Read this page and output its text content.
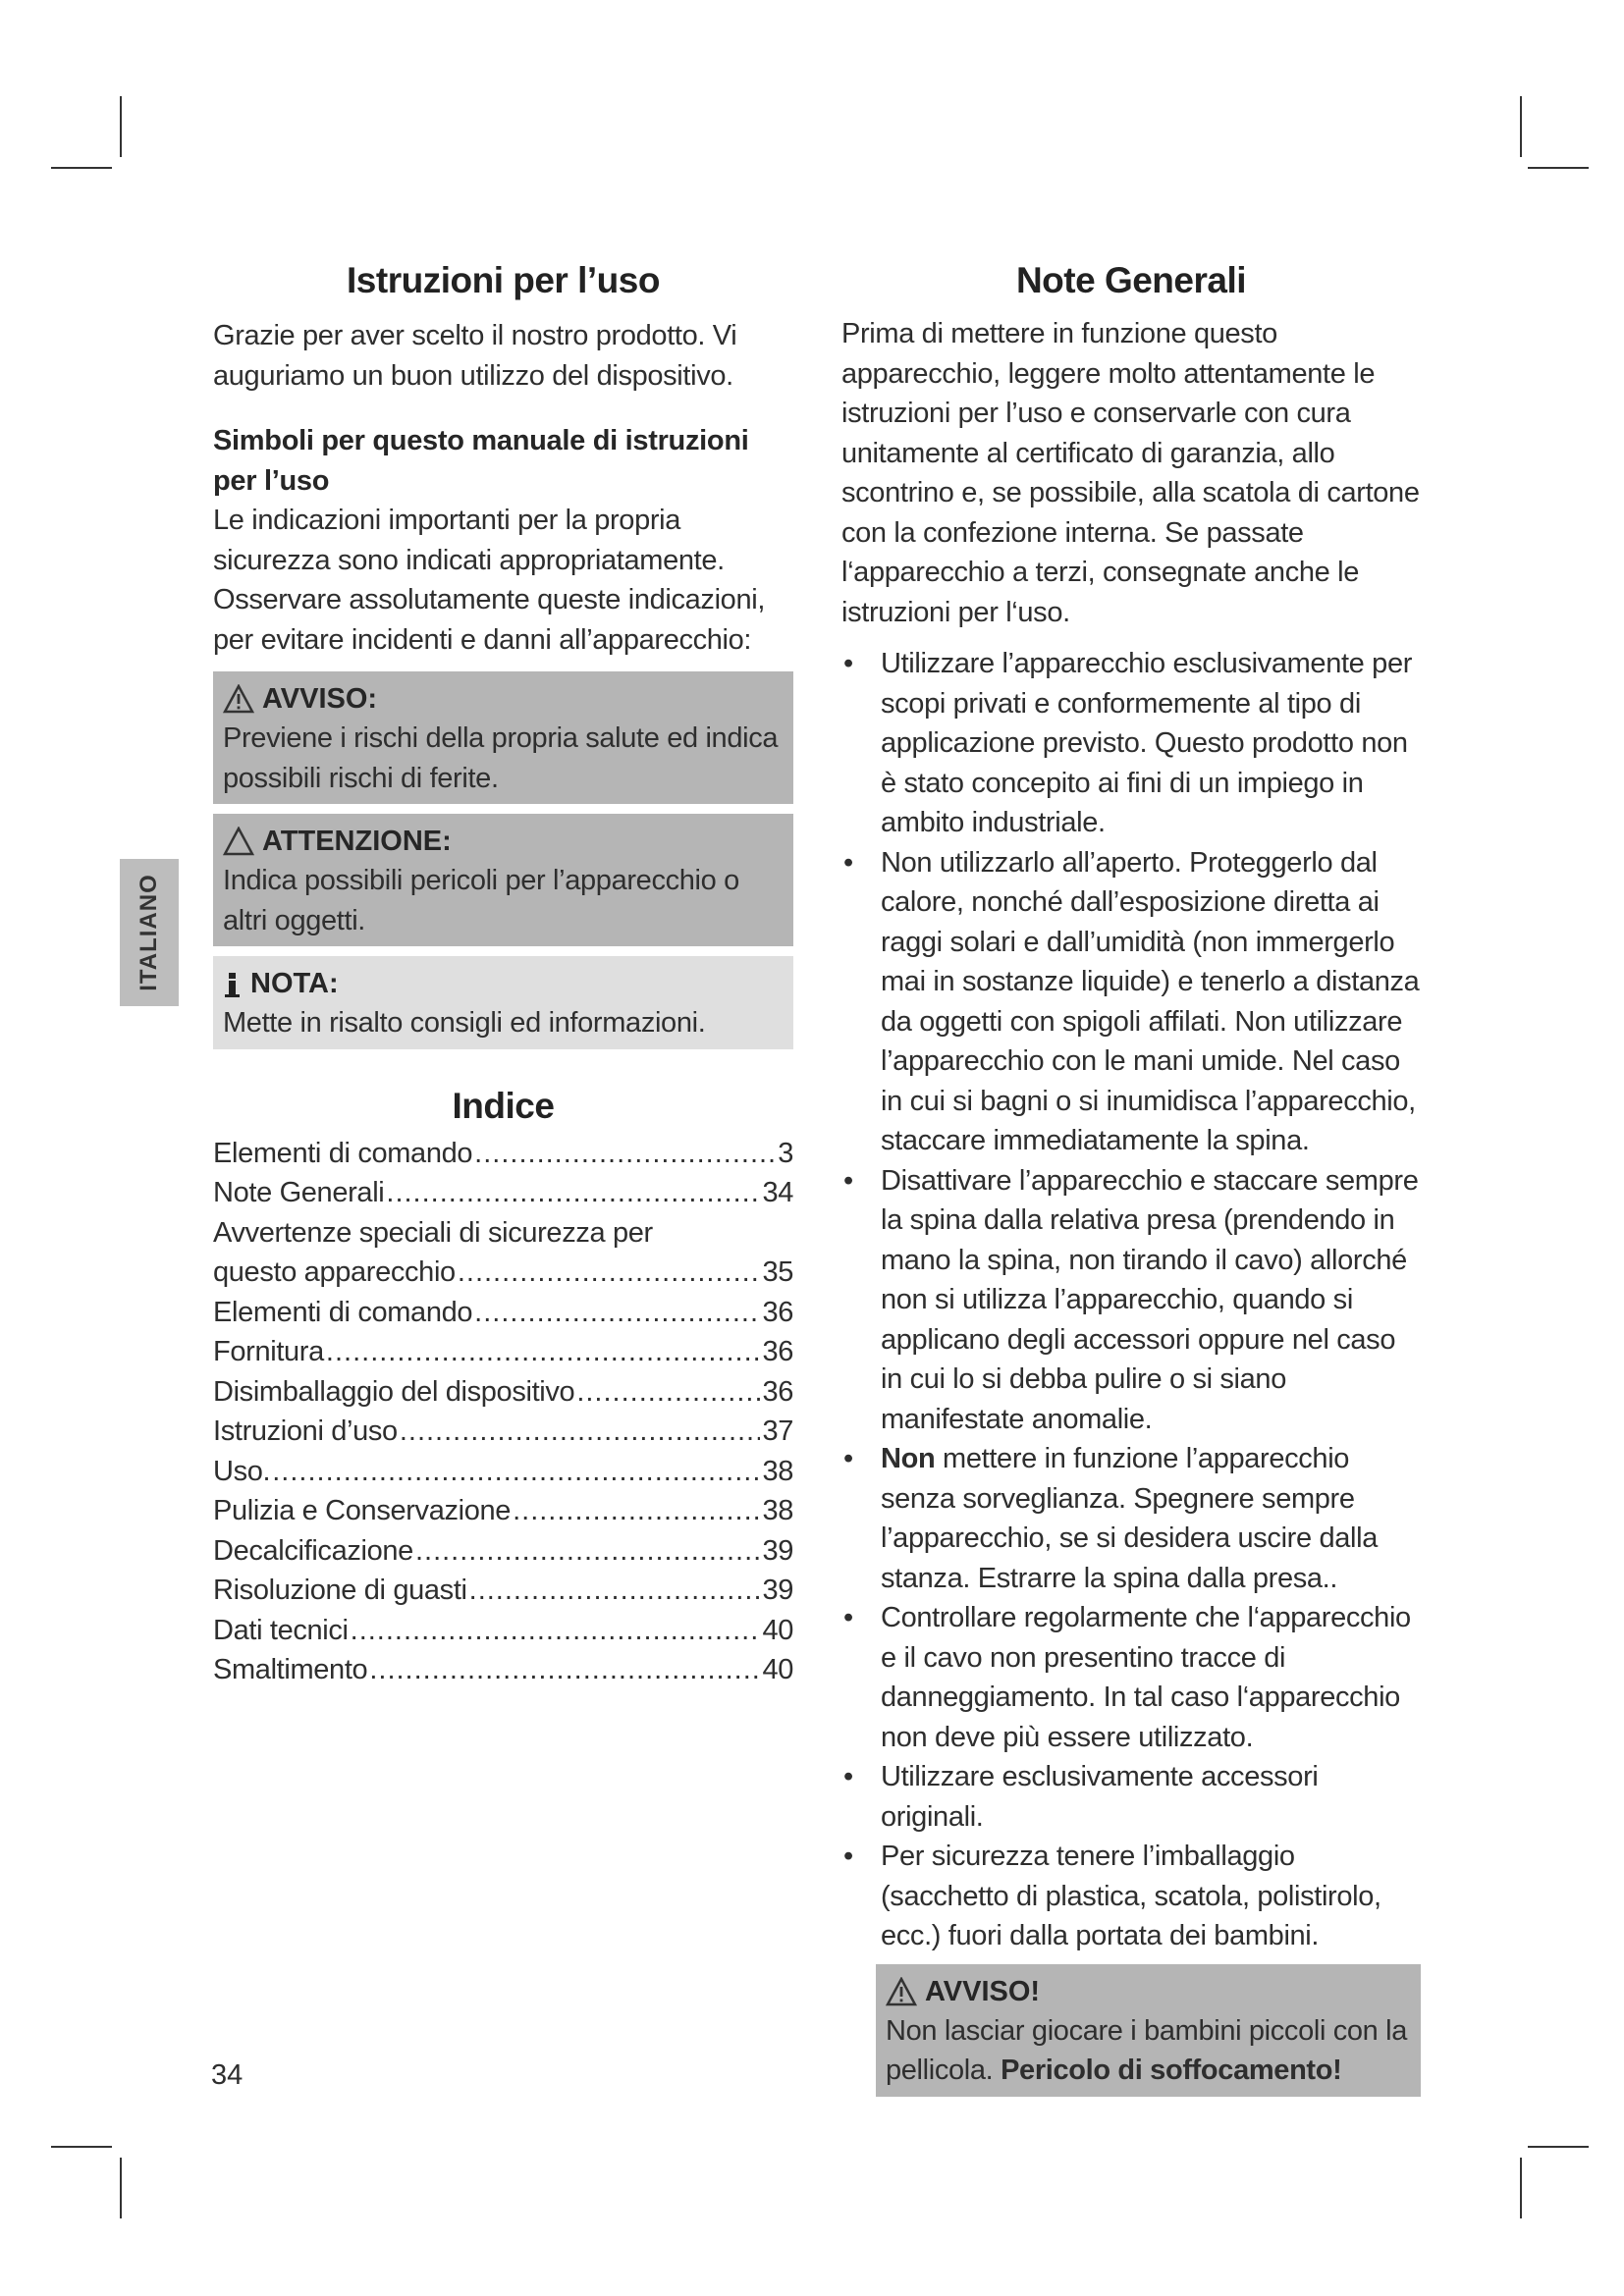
ITALIANO
Istruzioni per l’uso

Grazie per aver scelto il nostro prodotto. Vi auguriamo un buon utilizzo del dispositivo.

Simboli per questo manuale di istruzioni per l’uso

Le indicazioni importanti per la propria sicurezza sono indicati appropriatamente. Osservare assolutamente queste indicazioni, per evitare incidenti e danni all’apparecchio:

AVVISO:
Previene i rischi della propria salute ed indica possibili rischi di ferite.
ATTENZIONE:
Indica possibili pericoli per l’apparecchio o altri oggetti.
NOTA:
Mette in risalto consigli ed informazioni.
Indice
Elementi di comando .....	3
Note Generali .....	34
Avvertenze speciali di sicurezza per
questo apparecchio .....	35
Elementi di comando .....	36
Fornitura .....	36
Disimballaggio del dispositivo .....	36
Istruzioni d’uso .....	37
Uso. .....	38
Pulizia e Conservazione .....	38
Decalcificazione .....	39
Risoluzione di guasti .....	39
Dati tecnici .....	40
Smaltimento .....	40
Note Generali

Prima di mettere in funzione questo apparecchio, leggere molto attentamente le istruzioni per l’uso e conservarle con cura unitamente al certificato di garanzia, allo scontrino e, se possibile, alla scatola di cartone con la confezione interna. Se passate l‘apparecchio a terzi, consegnate anche le istruzioni per l‘uso.

• Utilizzare l’apparecchio esclusivamente per scopi privati e conformemente al tipo di applicazione previsto. Questo prodotto non è stato concepito ai fini di un impiego in ambito industriale.
• Non utilizzarlo all’aperto. Proteggerlo dal calore, nonché dall’esposizione diretta ai raggi solari e dall’umidità (non immergerlo mai in sostanze liquide) e tenerlo a distanza da oggetti con spigoli affilati. Non utilizzare l’apparecchio con le mani umide. Nel caso in cui si bagni o si inumidisca l’apparecchio, staccare immediatamente la spina.
• Disattivare l’apparecchio e staccare sempre la spina dalla relativa presa (prendendo in mano la spina, non tirando il cavo) allorché non si utilizza l’apparecchio, quando si applicano degli accessori oppure nel caso in cui lo si debba pulire o si siano manifestate anomalie.
• Non mettere in funzione l’apparecchio senza sorveglianza. Spegnere sempre l’apparecchio, se si desidera uscire dalla stanza. Estrarre la spina dalla presa..
• Controllare regolarmente che l‘apparecchio e il cavo non presentino tracce di danneggiamento. In tal caso l‘apparecchio non deve più essere utilizzato.
• Utilizzare esclusivamente accessori originali.
• Per sicurezza tenere l’imballaggio (sacchetto di plastica, scatola, polistirolo, ecc.) fuori dalla portata dei bambini.
AVVISO!
Non lasciar giocare i bambini piccoli con la pellicola. Pericolo di soffocamento!
34
